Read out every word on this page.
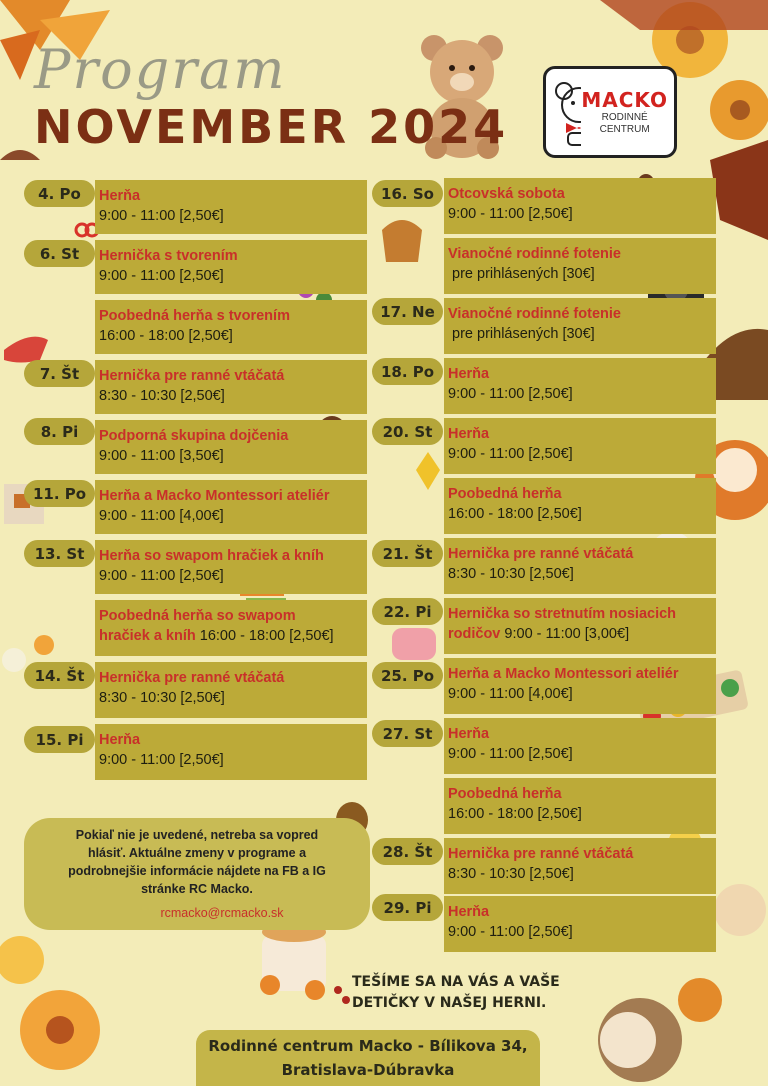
Program
NOVEMBER 2024	MACKO
RODINNÉ
CENTRUM
4. Po
6. St
7. Št
8. Pi
11. Po
13. St
14. Št
15. Pi
Herňa
9:00 - 11:00 [2,50€]
Hernička s tvorením
9:00 - 11:00 [2,50€]
Poobedná herňa s tvorením
16:00 - 18:00 [2,50€]
Hernička pre ranné vtáčatá
8:30 - 10:30 [2,50€]
Podporná skupina dojčenia
9:00 - 11:00 [3,50€]
Herňa a Macko Montessori ateliér
9:00 - 11:00 [4,00€]
Herňa so swapom hračiek a kníh
9:00 - 11:00 [2,50€]
Poobedná herňa so swapom
hračiek a kníh 16:00 - 18:00 [2,50€]
Hernička pre ranné vtáčatá
8:30 - 10:30 [2,50€]
Herňa
9:00 - 11:00 [2,50€]
16. So
17. Ne
18. Po
20. St
21. Št
22. Pi
25. Po
27. St
28. Št
29. Pi
Otcovská sobota
9:00 - 11:00 [2,50€]
Vianočné rodinné fotenie
pre prihlásených [30€]
Vianočné rodinné fotenie
pre prihlásených [30€]
Herňa
9:00 - 11:00 [2,50€]
Herňa
9:00 - 11:00 [2,50€]
Poobedná herňa
16:00 - 18:00 [2,50€]
Hernička pre ranné vtáčatá
8:30 - 10:30 [2,50€]
Hernička so stretnutím nosiacich
rodičov 9:00 - 11:00 [3,00€]
Herňa a Macko Montessori ateliér
9:00 - 11:00 [4,00€]
Herňa
9:00 - 11:00 [2,50€]
Poobedná herňa
16:00 - 18:00 [2,50€]
Hernička pre ranné vtáčatá
8:30 - 10:30 [2,50€]
Herňa
9:00 - 11:00 [2,50€]
Pokiaľ nie je uvedené, netreba sa vopred hlásiť. Aktuálne zmeny v programe a podrobnejšie informácie nájdete na FB a IG stránke RC Macko.
rcmacko@rcmacko.sk
TEŠÍME SA NA VÁS A VAŠE
DETIČKY V NAŠEJ HERNI.
Rodinné centrum Macko - Bílikova 34,
Bratislava-Dúbravka
